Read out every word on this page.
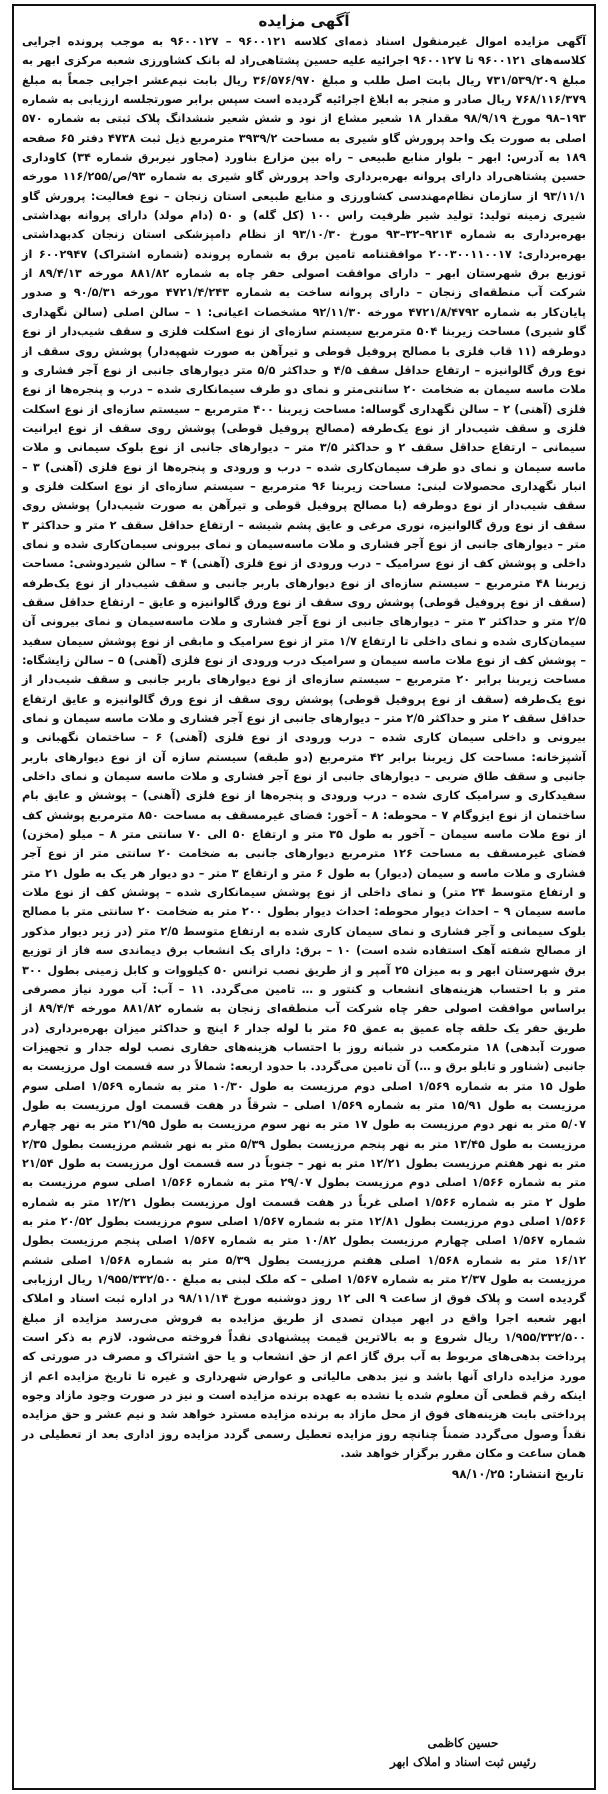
آگهی مزایده

آگهی مزایده اموال غیرمنقول اسناد ذمه‌ای کلاسه ۹۶۰۰۱۲۱ – ۹۶۰۰۱۲۷ به موجب پرونده اجرایی کلاسه‌های ۹۶۰۰۱۲۱ تا ۹۶۰۰۱۲۷ اجرائیه علیه حسین پشتاهی‌راد له بانک کشاورزی شعبه مرکزی ابهر به مبلغ ۷۳۱/۵۳۹/۲۰۹ ریال بابت اصل طلب و مبلغ ۳۶/۵۷۶/۹۷۰ ریال بابت نیم‌عشر اجرایی جمعاً به مبلغ ۷۶۸/۱۱۶/۳۷۹ ریال صادر و منجر به ابلاغ اجرائیه گردیده است سپس برابر صورتجلسه ارزیابی به شماره ۱۹۳–۹۸ مورخ ۹۸/۹/۱۹ مقدار ۱۸ شعیر مشاع از نود و شش شعیر ششدانگ پلاک ثبتی به شماره ۵۷۰ اصلی به صورت یک واحد پرورش گاو شیری به مساحت ۳۹۳۹/۲ مترمربع ذیل ثبت ۴۷۳۸ دفتر ۶۵ صفحه ۱۸۹ به آدرس: ابهر – بلوار منابع طبیعی – راه بین مزارع بناورد (مجاور نیربرق شماره ۳۴) کاوداری حسین پشتاهی‌راد دارای پروانه بهره‌برداری واحد پرورش گاو شیری به شماره ۹۳/ص/۱۱۶/۲۵۵ مورخه ۹۳/۱۱/۱ از سازمان نظام‌مهندسی کشاورزی و منابع طبیعی استان زنجان – نوع فعالیت: پرورش گاو شیری زمینه تولید: تولید شیر ظرفیت راس ۱۰۰ (کل گله) و ۵۰ (دام مولد) دارای پروانه بهداشتی بهره‌برداری به شماره ۹۲۱۴–۳۲–۹۳ مورخ ۹۳/۱۰/۳۰ از نظام دامپزشکی استان زنجان کدبهداشتی بهره‌برداری: ۲۰۰۳۰۰۱۱۰۰۱۷ موافقتنامه تامین برق به شماره پرونده (شماره اشتراک) ۶۰۰۲۹۴۷ از توزیع برق شهرستان ابهر – دارای موافقت اصولی حفر چاه به شماره ۸۸۱/۸۲ مورخه ۸۹/۴/۱۳ از شرکت آب منطقه‌ای زنجان – دارای پروانه ساخت به شماره ۴۷۲۱/۴/۲۴۳ مورخه ۹۰/۵/۳۱ و صدور پایان‌کار به شماره ۴۷۲۱/۸/۴۷۹۲ مورخه ۹۲/۱۱/۳۰ مشخصات اعیانی: ۱ – سالن اصلی (سالن نگهداری گاو شیری) مساحت زیربنا ۵۰۴ مترمربع سیستم سازه‌ای از نوع اسکلت فلزی و سقف شیب‌دار از نوع دوطرفه (۱۱ قاب فلزی با مصالح پروفیل قوطی و تیرآهن به صورت شهپه‌دار) پوشش روی سقف از نوع ورق گالوانیزه – ارتفاع حداقل سقف ۴/۵ و حداکثر ۵/۵ متر دیوارهای جانبی از نوع آجر فشاری و ملات ماسه سیمان به ضخامت ۲۰ سانتی‌متر و نمای دو طرف سیمانکاری شده – درب و پنجره‌ها از نوع فلزی (آهنی) ۲ – سالن نگهداری گوساله: مساحت زیربنا ۴۰۰ مترمربع – سیستم سازه‌ای از نوع اسکلت فلزی و سقف شیب‌دار از نوع یک‌طرفه (مصالح پروفیل قوطی) پوشش روی سقف از نوع ایرانیت سیمانی – ارتفاع حداقل سقف ۲ و حداکثر ۳/۵ متر – دیوارهای جانبی از نوع بلوک سیمانی و ملات ماسه سیمان و نمای دو طرف سیمان‌کاری شده – درب و ورودی و پنجره‌ها از نوع فلزی (آهنی) ۳ – انبار نگهداری محصولات لبنی: مساحت زیربنا ۹۶ مترمربع – سیستم سازه‌ای از نوع اسکلت فلزی و سقف شیب‌دار از نوع دوطرفه (با مصالح پروفیل قوطی و تیرآهن به صورت شیب‌دار) پوشش روی سقف از نوع ورق گالوانیزه، نوری مرغی و عایق پشم شیشه – ارتفاع حداقل سقف ۲ متر و حداکثر ۳ متر – دیوارهای جانبی از نوع آجر فشاری و ملات ماسه‌سیمان و نمای بیرونی سیمان‌کاری شده و نمای داخلی و پوشش کف از نوع سرامیک – درب ورودی از نوع فلزی (آهنی) ۴ – سالن شیردوشی: مساحت زیربنا ۴۸ مترمربع – سیستم سازه‌ای از نوع دیوارهای باربر جانبی و سقف شیب‌دار از نوع یک‌طرفه (سقف از نوع پروفیل قوطی) پوشش روی سقف از نوع ورق گالوانیزه و عایق – ارتفاع حداقل سقف ۲/۵ متر و حداکثر ۳ متر – دیوارهای جانبی از نوع آجر فشاری و ملات ماسه‌سیمان و نمای بیرونی آن سیمان‌کاری شده و نمای داخلی تا ارتفاع ۱/۷ متر از نوع سرامیک و مابقی از نوع پوشش سیمان سفید – پوشش کف از نوع ملات ماسه سیمان و سرامیک درب ورودی از نوع فلزی (آهنی) ۵ – سالن زایشگاه: مساحت زیربنا برابر ۲۰ مترمربع – سیستم سازه‌ای از نوع دیوارهای باربر جانبی و سقف شیب‌دار از نوع یک‌طرفه (سقف از نوع پروفیل قوطی) پوشش روی سقف از نوع ورق گالوانیزه و عایق ارتفاع حداقل سقف ۲ متر و حداکثر ۲/۵ متر – دیوارهای جانبی از نوع آجر فشاری و ملات ماسه سیمان و نمای بیرونی و داخلی سیمان کاری شده – درب ورودی از نوع فلزی (آهنی) ۶ – ساختمان نگهبانی و آشپزخانه: مساحت کل زیربنا برابر ۴۲ مترمربع (دو طبقه) سیستم سازه آن از نوع دیوارهای باربر جانبی و سقف طاق ضربی – دیوارهای جانبی از نوع آجر فشاری و ملات ماسه سیمان و نمای داخلی سفیدکاری و سرامیک کاری شده – درب ورودی و پنجره‌ها از نوع فلزی (آهنی) – پوشش و عایق بام ساختمان از نوع ایزوگام ۷ – محوطه: ۸ – آخور: فضای غیرمسقف به مساحت ۸۵۰ مترمربع پوشش کف از نوع ملات ماسه سیمان – آخور به طول ۳۵ متر و ارتفاع ۵۰ الی ۷۰ سانتی متر ۸ – میلو (مخزن) فضای غیرمسقف به مساحت ۱۲۶ مترمربع دیوارهای جانبی به ضخامت ۲۰ سانتی متر از نوع آجر فشاری و ملات ماسه و سیمان (دیوار) به طول ۶ متر و ارتفاع ۳ متر – دو دیوار هر یک به طول ۲۱ متر و ارتفاع متوسط ۲۴ متر) و نمای داخلی از نوع پوشش سیمانکاری شده – پوشش کف از نوع ملات ماسه سیمان ۹ – احداث دیوار محوطه: احداث دیوار بطول ۲۰۰ متر به ضخامت ۲۰ سانتی متر با مصالح بلوک سیمانی و آجر فشاری و نمای سیمان کاری شده به ارتفاع متوسط ۲/۵ متر (در زیر دیوار مذکور از مصالح شفته آهک استفاده شده است) ۱۰ – برق: دارای یک انشعاب برق دیماندی سه فاز از توزیع برق شهرستان ابهر و به میزان ۲۵ آمپر و از طریق نصب ترانس ۵۰ کیلووات و کابل زمینی بطول ۳۰۰ متر و با احتساب هزینه‌های انشعاب و کنتور و … تامین می‌گردد. ۱۱ – آب: آب مورد نیاز مصرفی براساس موافقت اصولی حفر چاه شرکت آب منطقه‌ای زنجان به شماره ۸۸۱/۸۲ مورخه ۸۹/۴/۴ از طریق حفر یک حلقه چاه عمیق به عمق ۶۵ متر با لوله جدار ۶ اینچ و حداکثر میزان بهره‌برداری (در صورت آبدهی) ۱۸ مترمکعب در شبانه روز با احتساب هزینه‌های حفاری نصب لوله جدار و تجهیزات جانبی (شناور و تابلو برق و …) آن تامین می‌گردد. با حدود اربعه: شمالاً در سه قسمت اول مرزیست به طول ۱۵ متر به شماره ۱/۵۶۹ اصلی دوم مرزیست به طول ۱۰/۳۰ متر به شماره ۱/۵۶۹ اصلی سوم مرزیست به طول ۱۵/۹۱ متر به شماره ۱/۵۶۹ اصلی – شرقاً در هفت قسمت اول مرزیست به طول ۵/۰۷ متر به نهر دوم مرزیست به طول ۱۷ متر به نهر سوم مرزیست به طول ۲۱/۹۵ متر به نهر چهارم مرزیست به طول ۱۳/۴۵ متر به نهر پنجم مرزیست بطول ۵/۳۹ متر به نهر ششم مرزیست بطول ۲/۳۵ متر به نهر هفتم مرزیست بطول ۱۲/۲۱ متر به نهر – جنوباً در سه قسمت اول مرزیست به طول ۲۱/۵۴ متر به شماره ۱/۵۶۶ اصلی دوم مرزیست بطول ۲۹/۰۷ متر به شماره ۱/۵۶۶ اصلی سوم مرزیست به طول ۲ متر به شماره ۱/۵۶۶ اصلی غرباً در هفت قسمت اول مرزیست بطول ۱۲/۲۱ متر به شماره ۱/۵۶۶ اصلی دوم مرزیست بطول ۱۲/۸۱ متر به شماره ۱/۵۶۷ اصلی سوم مرزیست بطول ۲۰/۵۲ متر به شماره ۱/۵۶۷ اصلی چهارم مرزیست بطول ۱۰/۸۲ متر به شماره ۱/۵۶۷ اصلی پنجم مرزیست بطول ۱۶/۱۲ متر به شماره ۱/۵۶۸ اصلی هفتم مرزیست بطول ۵/۳۹ متر به شماره ۱/۵۶۸ اصلی ششم مرزیست به طول ۲/۳۷ متر به شماره ۱/۵۶۷ اصلی – که ملک لبنی به مبلغ ۱/۹۵۵/۳۳۲/۵۰۰ ریال ارزیابی گردیده است و پلاک فوق از ساعت ۹ الی ۱۲ روز دوشنبه مورخ ۹۸/۱۱/۱۴ در اداره ثبت اسناد و املاک ابهر شعبه اجرا واقع در ابهر میدان تصدی از طریق مزایده به فروش می‌رسد مزایده از مبلغ ۱/۹۵۵/۳۳۲/۵۰۰ ریال شروع و به بالاترین قیمت پیشنهادی نقداً فروخته می‌شود. لازم به ذکر است پرداخت بدهی‌های مربوط به آب برق گاز اعم از حق انشعاب و یا حق اشتراک و مصرف در صورتی که مورد مزایده دارای آنها باشد و نیز بدهی مالیاتی و عوارض شهرداری و غیره تا تاریخ مزایده اعم از اینکه رقم قطعی آن معلوم شده یا نشده به عهده برنده مزایده است و نیز در صورت وجود مازاد وجوه پرداختی بابت هزینه‌های فوق از محل مازاد به برنده مزایده مسترد خواهد شد و نیم عشر و حق مزایده نقداً وصول می‌گردد ضمناً چنانچه روز مزایده تعطیل رسمی گردد مزایده روز اداری بعد از تعطیلی در همان ساعت و مکان مقرر برگزار خواهد شد.

تاریخ انتشار: ۹۸/۱۰/۲۵
حسین کاظمی
رئیس ثبت اسناد و املاک ابهر
